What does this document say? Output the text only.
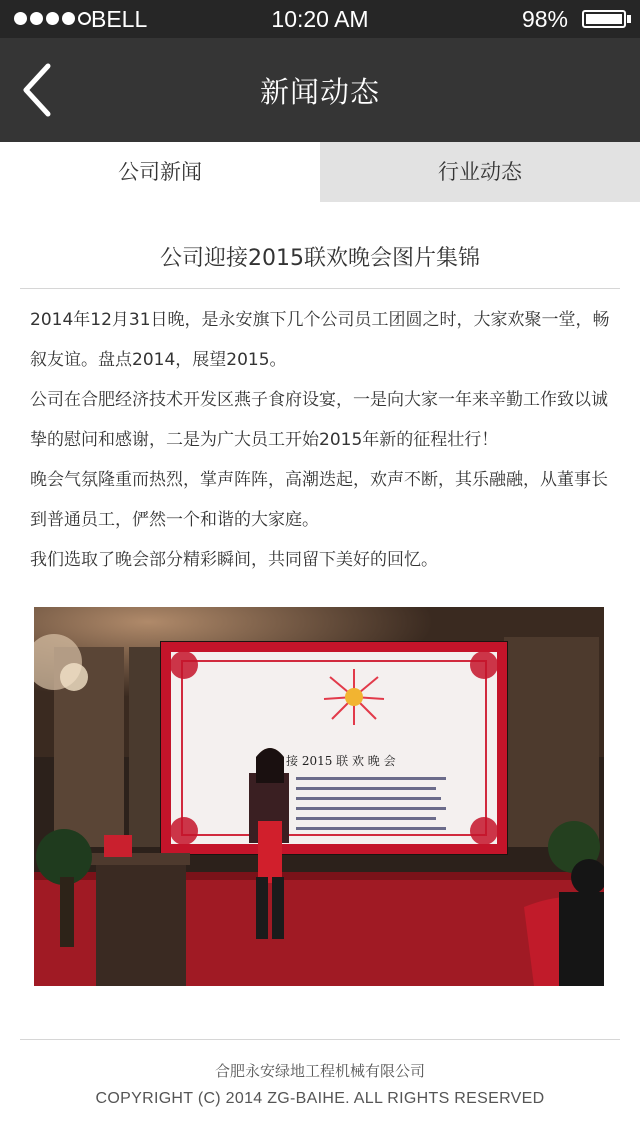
BELL	10:20 AM	98%
新闻动态
公司新闻	行业动态
公司迎接2015联欢晚会图片集锦

2014年12月31日晚，是永安旗下几个公司员工团圆之时，大家欢聚一堂，畅叙友谊。盘点2014，展望2015。

公司在合肥经济技术开发区燕子食府设宴，一是向大家一年来辛勤工作致以诚挚的慰问和感谢，二是为广大员工开始2015年新的征程壮行！

晚会气氛隆重而热烈，掌声阵阵，高潮迭起，欢声不断，其乐融融，从董事长到普通员工，俨然一个和谐的大家庭。

我们选取了晚会部分精彩瞬间，共同留下美好的回忆。

接 2015 联 欢 晚 会
合肥永安绿地工程机械有限公司
COPYRIGHT (C) 2014 ZG-BAIHE. ALL RIGHTS RESERVED
